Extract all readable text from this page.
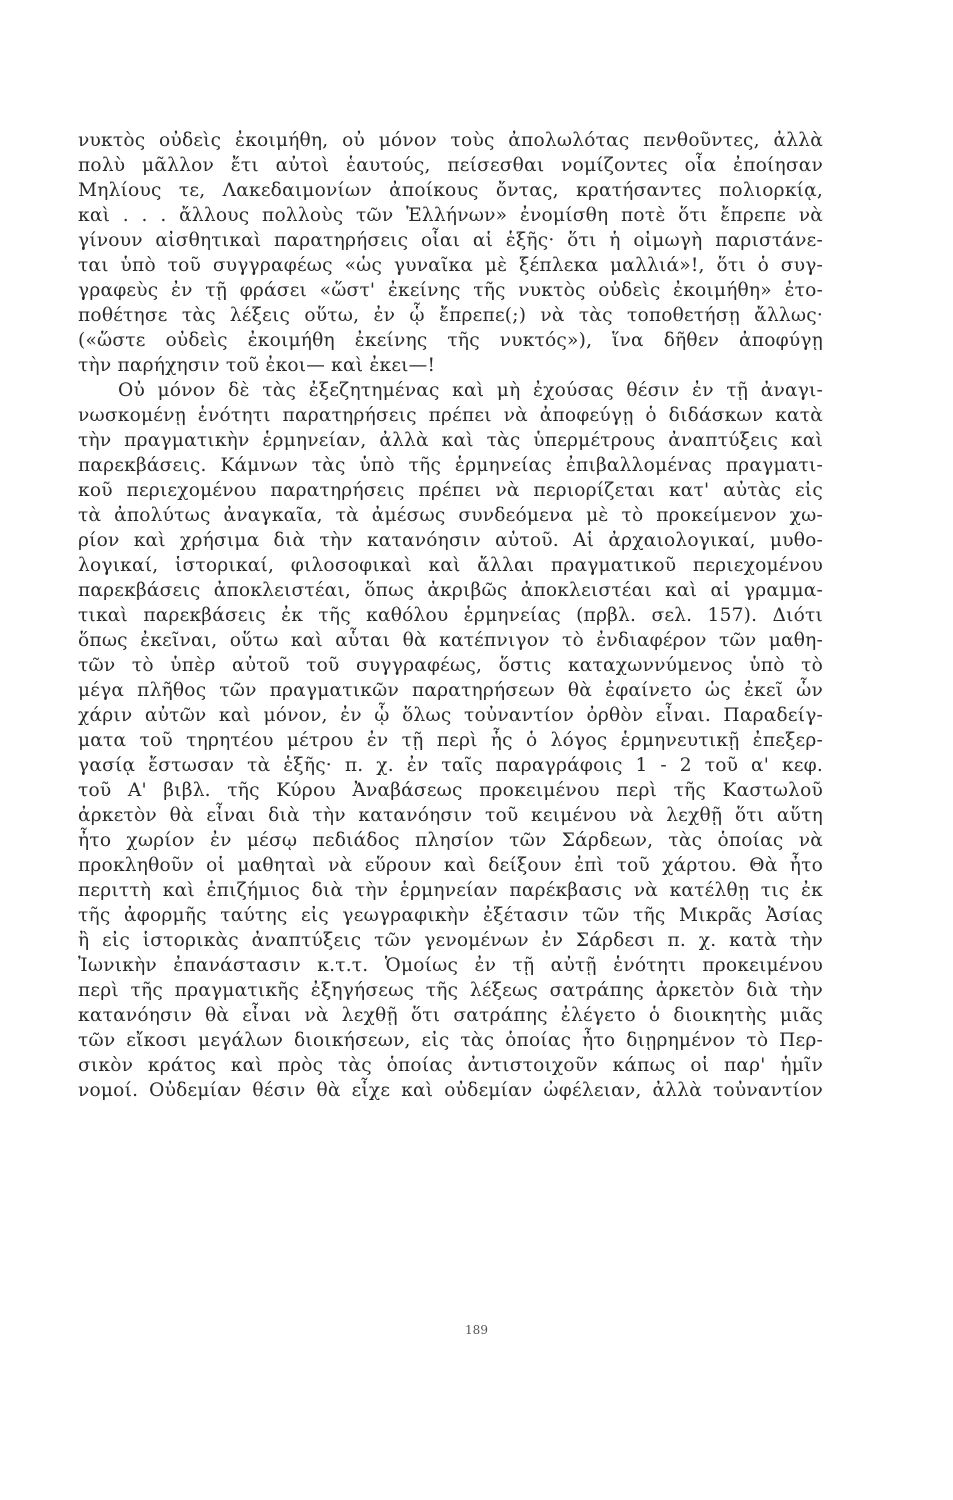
νυκτὸς οὐδεὶς ἐκοιμήθη, οὐ μόνον τοὺς ἀπολωλότας πενθοῦντες, ἀλλὰ
πολὺ μᾶλλον ἔτι αὐτοὶ ἑαυτούς, πείσεσθαι νομίζοντες οἷα ἐποίησαν
Μηλίους τε, Λακεδαιμονίων ἀποίκους ὄντας, κρατήσαντες πολιορκίᾳ,
καὶ . . . ἄλλους πολλοὺς τῶν Ἑλλήνων» ἐνομίσθη ποτὲ ὅτι ἔπρεπε νὰ
γίνουν αἰσθητικαὶ παρατηρήσεις οἷαι αἱ ἑξῆς· ὅτι ἡ οἰμωγὴ παριστάνε-
ται ὑπὸ τοῦ συγγραφέως «ὡς γυναῖκα μὲ ξέπλεκα μαλλιά»!, ὅτι ὁ συγ-
γραφεὺς ἐν τῇ φράσει «ὥστ' ἐκείνης τῆς νυκτὸς οὐδεὶς ἐκοιμήθη» ἐτο-
ποθέτησε τὰς λέξεις οὕτω, ἐν ᾧ ἔπρεπε(;) νὰ τὰς τοποθετήσῃ ἄλλως·
(«ὥστε οὐδεὶς ἐκοιμήθη ἐκείνης τῆς νυκτός»), ἵνα δῆθεν ἀποφύγῃ
τὴν παρήχησιν τοῦ ἐκοι— καὶ ἐκει—!
Οὐ μόνον δὲ τὰς ἐξεζητημένας καὶ μὴ ἐχούσας θέσιν ἐν τῇ ἀναγι-
νωσκομένῃ ἑνότητι παρατηρήσεις πρέπει νὰ ἀποφεύγῃ ὁ διδάσκων κατὰ
τὴν πραγματικὴν ἑρμηνείαν, ἀλλὰ καὶ τὰς ὑπερμέτρους ἀναπτύξεις καὶ
παρεκβάσεις. Κάμνων τὰς ὑπὸ τῆς ἑρμηνείας ἐπιβαλλομένας πραγματι-
κοῦ περιεχομένου παρατηρήσεις πρέπει νὰ περιορίζεται κατ' αὐτὰς εἰς
τὰ ἀπολύτως ἀναγκαῖα, τὰ ἀμέσως συνδεόμενα μὲ τὸ προκείμενον χω-
ρίον καὶ χρήσιμα διὰ τὴν κατανόησιν αὐτοῦ. Αἱ ἀρχαιολογικαί, μυθο-
λογικαί, ἱστορικαί, φιλοσοφικαὶ καὶ ἄλλαι πραγματικοῦ περιεχομένου
παρεκβάσεις ἀποκλειστέαι, ὅπως ἀκριβῶς ἀποκλειστέαι καὶ αἱ γραμμα-
τικαὶ παρεκβάσεις ἐκ τῆς καθόλου ἑρμηνείας (πρβλ. σελ. 157). Διότι
ὅπως ἐκεῖναι, οὕτω καὶ αὗται θὰ κατέπνιγον τὸ ἐνδιαφέρον τῶν μαθη-
τῶν τὸ ὑπὲρ αὐτοῦ τοῦ συγγραφέως, ὅστις καταχωννύμενος ὑπὸ τὸ
μέγα πλῆθος τῶν πραγματικῶν παρατηρήσεων θὰ ἐφαίνετο ὡς ἐκεῖ ὧν
χάριν αὐτῶν καὶ μόνον, ἐν ᾧ ὅλως τοὐναντίον ὀρθὸν εἶναι. Παραδείγ-
ματα τοῦ τηρητέου μέτρου ἐν τῇ περὶ ἧς ὁ λόγος ἑρμηνευτικῇ ἐπεξερ-
γασίᾳ ἔστωσαν τὰ ἑξῆς· π. χ. ἐν ταῖς παραγράφοις 1 - 2 τοῦ α' κεφ.
τοῦ Α' βιβλ. τῆς Κύρου Ἀναβάσεως προκειμένου περὶ τῆς Καστωλοῦ
ἀρκετὸν θὰ εἶναι διὰ τὴν κατανόησιν τοῦ κειμένου νὰ λεχθῇ ὅτι αὕτη
ἦτο χωρίον ἐν μέσῳ πεδιάδος πλησίον τῶν Σάρδεων, τὰς ὁποίας νὰ
προκληθοῦν οἱ μαθηταὶ νὰ εὕρουν καὶ δείξουν ἐπὶ τοῦ χάρτου. Θὰ ἦτο
περιττὴ καὶ ἐπιζήμιος διὰ τὴν ἑρμηνείαν παρέκβασις νὰ κατέλθῃ τις ἐκ
τῆς ἀφορμῆς ταύτης εἰς γεωγραφικὴν ἐξέτασιν τῶν τῆς Μικρᾶς Ἀσίας
ἢ εἰς ἱστορικὰς ἀναπτύξεις τῶν γενομένων ἐν Σάρδεσι π. χ. κατὰ τὴν
Ἰωνικὴν ἐπανάστασιν κ.τ.τ. Ὁμοίως ἐν τῇ αὐτῇ ἑνότητι προκειμένου
περὶ τῆς πραγματικῆς ἐξηγήσεως τῆς λέξεως σατράπης ἀρκετὸν διὰ τὴν
κατανόησιν θὰ εἶναι νὰ λεχθῇ ὅτι σατράπης ἐλέγετο ὁ διοικητὴς μιᾶς
τῶν εἴκοσι μεγάλων διοικήσεων, εἰς τὰς ὁποίας ἦτο διῃρημένον τὸ Περ-
σικὸν κράτος καὶ πρὸς τὰς ὁποίας ἀντιστοιχοῦν κάπως οἱ παρ' ἡμῖν
νομοί. Οὐδεμίαν θέσιν θὰ εἶχε καὶ οὐδεμίαν ὠφέλειαν, ἀλλὰ τοὐναντίον
189
